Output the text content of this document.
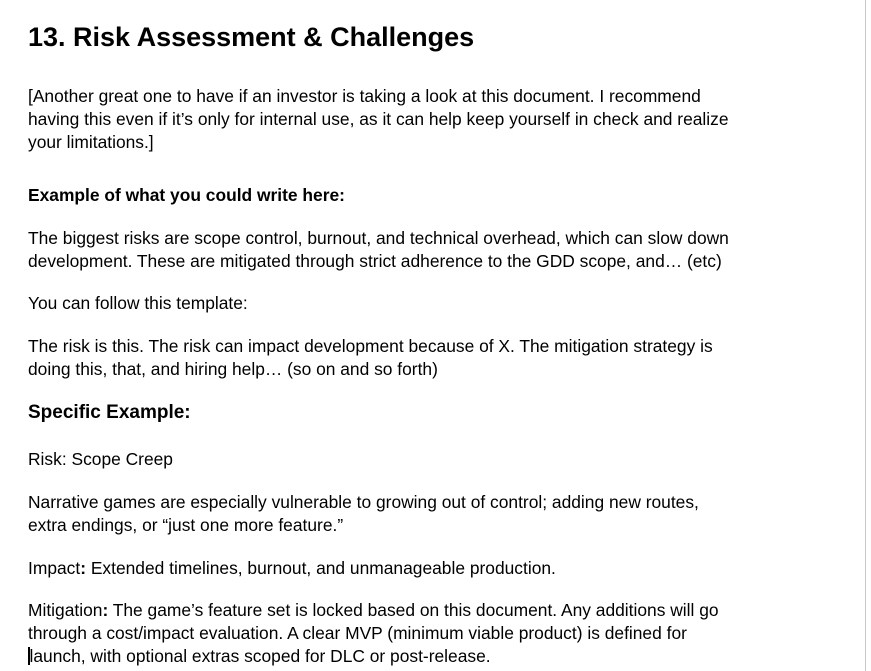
13. Risk Assessment & Challenges
[Another great one to have if an investor is taking a look at this document. I recommend
having this even if it’s only for internal use, as it can help keep yourself in check and realize
your limitations.]
Example of what you could write here:
The biggest risks are scope control, burnout, and technical overhead, which can slow down
development. These are mitigated through strict adherence to the GDD scope, and… (etc)
You can follow this template:
The risk is this. The risk can impact development because of X. The mitigation strategy is
doing this, that, and hiring help… (so on and so forth)
Specific Example:
Risk: Scope Creep
Narrative games are especially vulnerable to growing out of control; adding new routes,
extra endings, or “just one more feature.”
Impact: Extended timelines, burnout, and unmanageable production.
Mitigation: The game’s feature set is locked based on this document. Any additions will go
through a cost/impact evaluation. A clear MVP (minimum viable product) is defined for
launch, with optional extras scoped for DLC or post-release.
